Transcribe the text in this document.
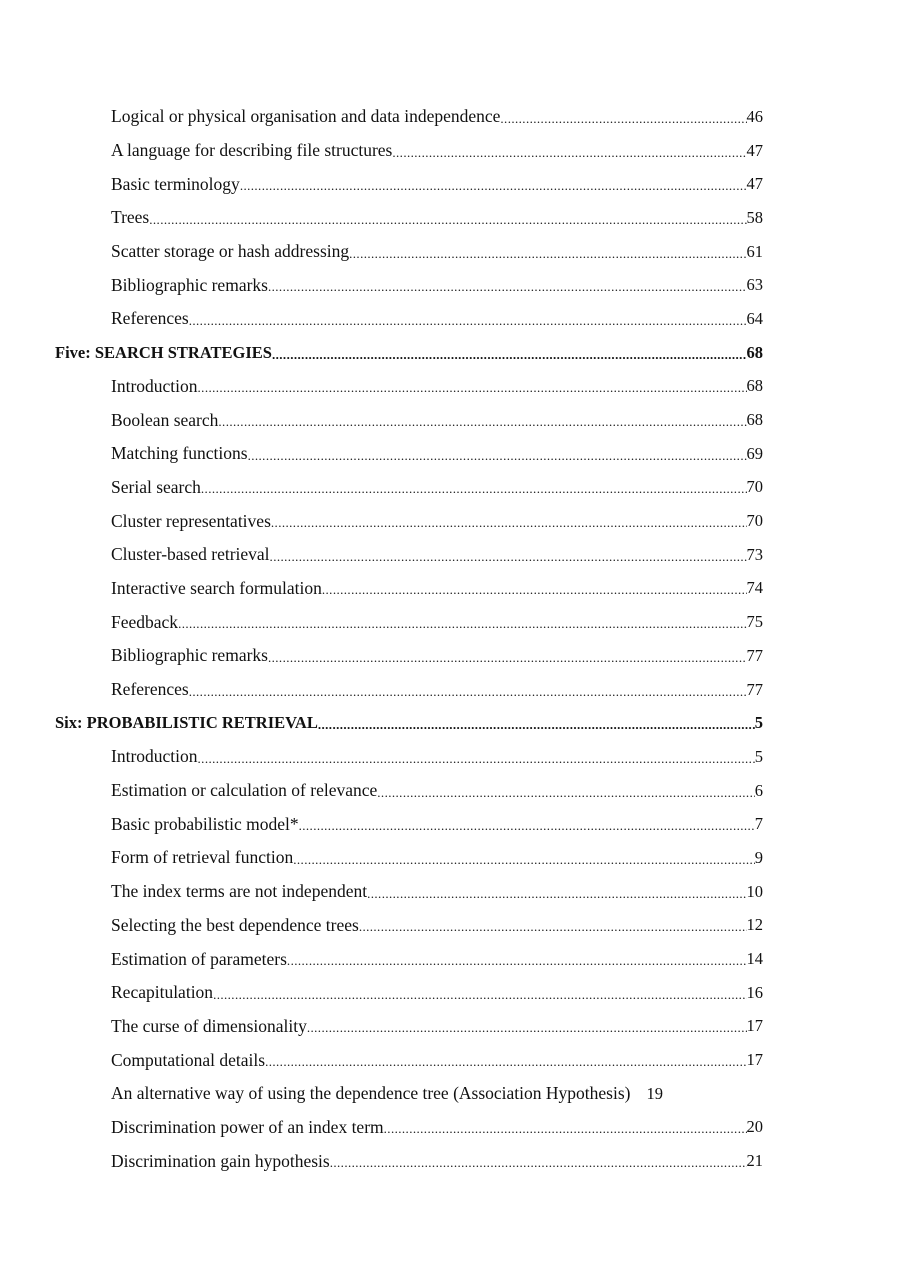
Logical or physical organisation and data independence .....	46
A language for describing file structures .....	47
Basic terminology .....	47
Trees .....	58
Scatter storage or hash addressing .....	61
Bibliographic remarks .....	63
References .....	64
Five: SEARCH STRATEGIES .....	68
Introduction .....	68
Boolean search .....	68
Matching functions .....	69
Serial search .....	70
Cluster representatives .....	70
Cluster-based retrieval .....	73
Interactive search formulation .....	74
Feedback .....	75
Bibliographic remarks .....	77
References .....	77
Six: PROBABILISTIC RETRIEVAL .....	5
Introduction .....	5
Estimation or calculation of relevance .....	6
Basic probabilistic model* .....	7
Form of retrieval function .....	9
The index terms are not independent .....	10
Selecting the best dependence trees .....	12
Estimation of parameters .....	14
Recapitulation .....	16
The curse of dimensionality .....	17
Computational details .....	17
An alternative way of using the dependence tree (Association Hypothesis) 19
Discrimination power of an index term .....	20
Discrimination gain hypothesis .....	21
